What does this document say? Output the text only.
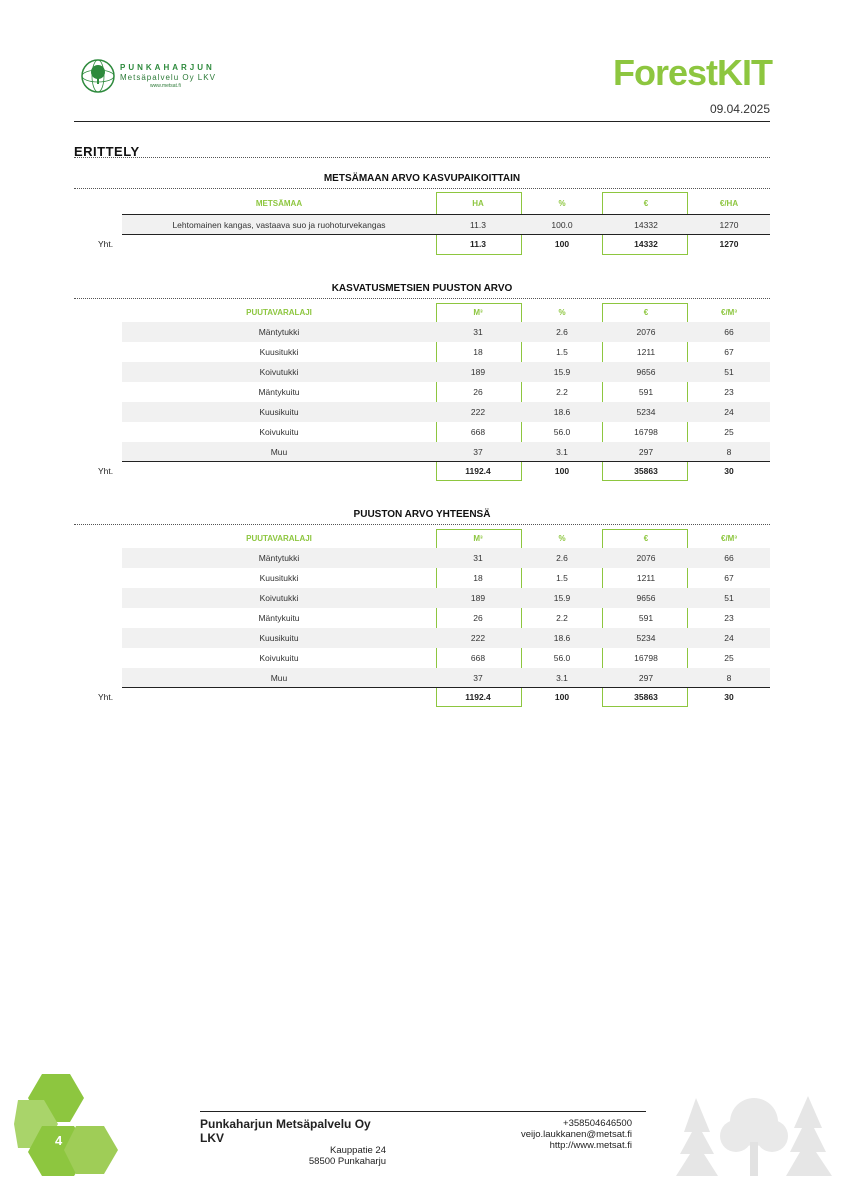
PUNKAHARJUN
Metsäpalvelu Oy LKV
www.metsat.fi	ForestKIT
09.04.2025
ERITTELY
METSÄMAAN ARVO KASVUPAIKOITTAIN
METSÄMAA	HA	%	€	€/HA
Lehtomainen kangas, vastaava suo ja ruohoturvekangas	11.3	100.0	14332	1270
Yht.	11.3	100	14332	1270
KASVATUSMETSIEN PUUSTON ARVO
PUUTAVARALAJI	M³	%	€	€/M³
Mäntytukki	31	2.6	2076	66
Kuusitukki	18	1.5	1211	67
Koivutukki	189	15.9	9656	51
Mäntykuitu	26	2.2	591	23
Kuusikuitu	222	18.6	5234	24
Koivukuitu	668	56.0	16798	25
Muu	37	3.1	297	8
Yht.	1192.4	100	35863	30
PUUSTON ARVO YHTEENSÄ
PUUTAVARALAJI	M³	%	€	€/M³
Mäntytukki	31	2.6	2076	66
Kuusitukki	18	1.5	1211	67
Koivutukki	189	15.9	9656	51
Mäntykuitu	26	2.2	591	23
Kuusikuitu	222	18.6	5234	24
Koivukuitu	668	56.0	16798	25
Muu	37	3.1	297	8
Yht.	1192.4	100	35863	30
4
Punkaharjun Metsäpalvelu Oy LKV
Kauppatie 24
58500 Punkaharju
+358504646500
veijo.laukkanen@metsat.fi
http://www.metsat.fi
